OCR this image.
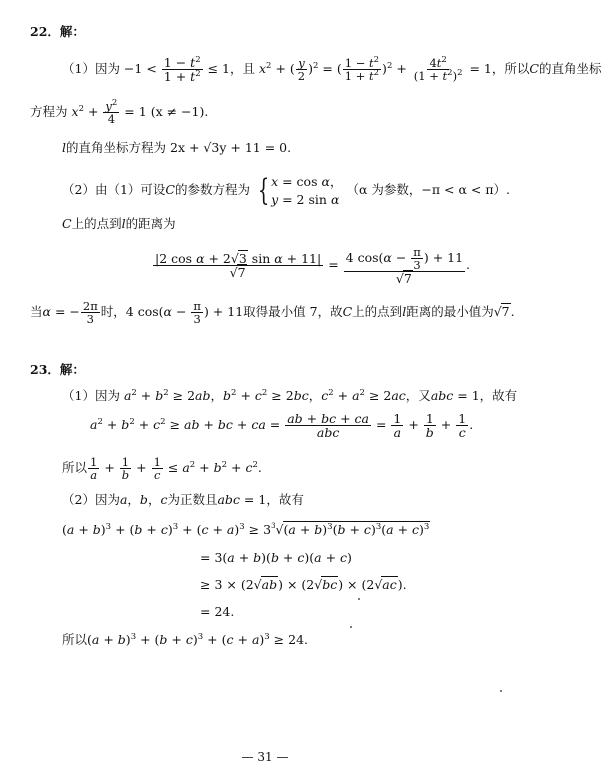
22．解：
（1）因为 $-1 < \frac{1 - t^2}{1 + t^2} \le 1$，且 $x^2$ + ( $\frac{y}{2} )^2$ = ( $\frac{1 - t^2}{1 + t^2} )^2 + \frac{4t^2}{(1 + t^2)^2} = 1$，所以C的直角坐标
方程为 $x^2 + \frac{y^2}{4} = 1$ (x ≠ −1).
l的直角坐标方程为 2x + √3y + 11 = 0.
（2）由（1）可设C的参数方程为 { x = cos α，
y = 2 sin α
（α 为参数，−π < α < π）.
C上的点到l的距离为
$\frac{\text{|2 cos α + 2√3 sin α + 11|}}{√7} = \frac{4 \cos(\alpha - \frac{\pi}{3} ) + 11}{√7}$ .
当α = − $\frac{2\pi}{3}$ 时，4 $\cos(\alpha - \frac{\pi}{3}$ ) + 11取得最小值 7，故C上的点到l距离的最小值为√7.
23．解：
（1）因为 $a^2 + b^2 \ge 2ab$，$b^2 + c^2 \ge 2bc$，$c^2 + a^2 \ge 2ac$，又abc = 1，故有
$a^2 + b^2 + c^2$ ≥ ab + bc + ca = $\frac{ab + bc + ca}{\text{abc}} = \frac{1}{a} + \frac{1}{b} + \frac{1}{c}$ .
所以 $\frac{1}{a} + \frac{1}{b} + \frac{1}{c} \le a^2 + b^2 + c^2$.
（2）因为a，b，c为正数且abc = 1，故有
$(a + b)^3 + (b + c)^3 + (c + a)^3 \ge 3^3√(a + b)^3(b + c)^3(a + c)^3$
= 3(a + b)(b + c)(a + c)
≥ 3 × (2√ab) × (2√bc) × (2√ac).
= 24.
所以$(a + b)^3 + (b + c)^3 + (c + a)^3 \ge 24$.
— 31 —
